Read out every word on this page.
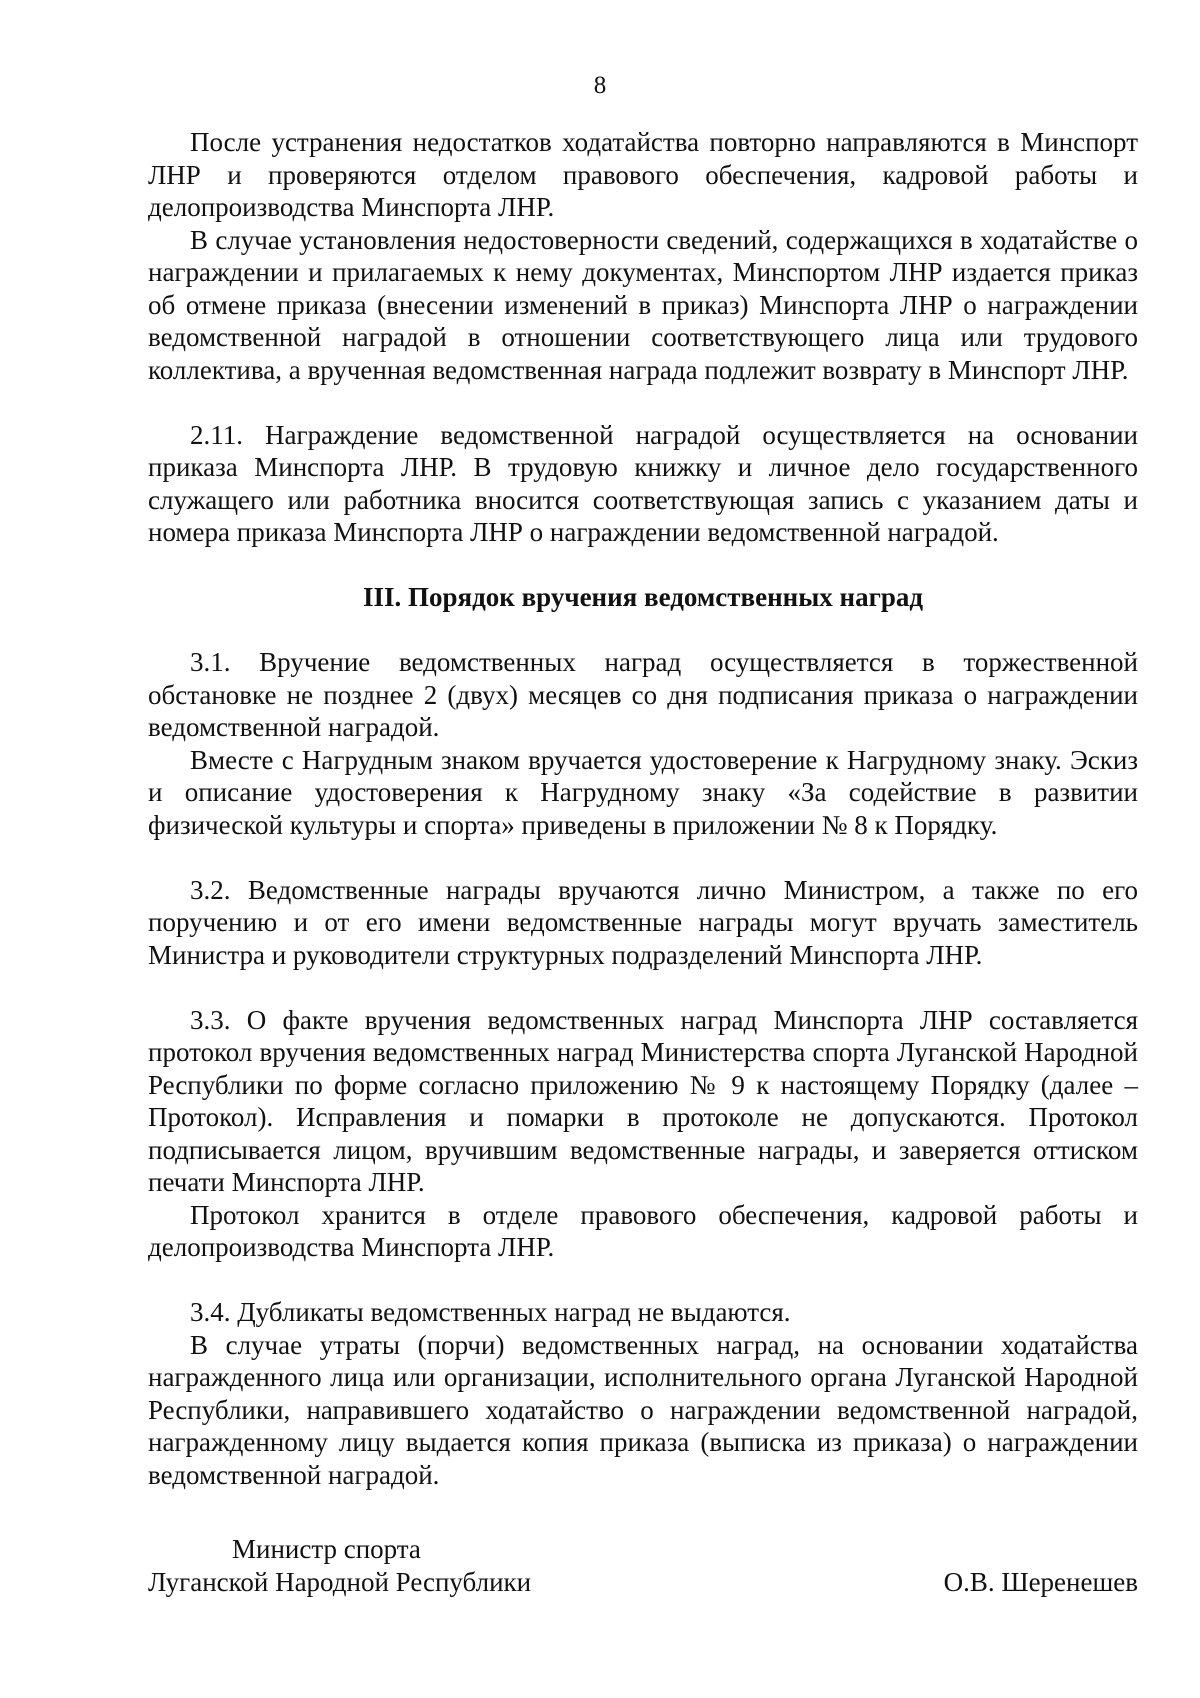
8

После устранения недостатков ходатайства повторно направляются в Минспорт ЛНР и проверяются отделом правового обеспечения, кадровой работы и делопроизводства Минспорта ЛНР.

В случае установления недостоверности сведений, содержащихся в ходатайстве о награждении и прилагаемых к нему документах, Минспортом ЛНР издается приказ об отмене приказа (внесении изменений в приказ) Минспорта ЛНР о награждении ведомственной наградой в отношении соответствующего лица или трудового коллектива, а врученная ведомственная награда подлежит возврату в Минспорт ЛНР.

2.11. Награждение ведомственной наградой осуществляется на основании приказа Минспорта ЛНР. В трудовую книжку и личное дело государственного служащего или работника вносится соответствующая запись с указанием даты и номера приказа Минспорта ЛНР о награждении ведомственной наградой.

III. Порядок вручения ведомственных наград

3.1. Вручение ведомственных наград осуществляется в торжественной обстановке не позднее 2 (двух) месяцев со дня подписания приказа о награждении ведомственной наградой.

Вместе с Нагрудным знаком вручается удостоверение к Нагрудному знаку. Эскиз и описание удостоверения к Нагрудному знаку «За содействие в развитии физической культуры и спорта» приведены в приложении № 8 к Порядку.

3.2. Ведомственные награды вручаются лично Министром, а также по его поручению и от его имени ведомственные награды могут вручать заместитель Министра и руководители структурных подразделений Минспорта ЛНР.

3.3. О факте вручения ведомственных наград Минспорта ЛНР составляется протокол вручения ведомственных наград Министерства спорта Луганской Народной Республики по форме согласно приложению № 9 к настоящему Порядку (далее – Протокол). Исправления и помарки в протоколе не допускаются. Протокол подписывается лицом, вручившим ведомственные награды, и заверяется оттиском печати Минспорта ЛНР.

Протокол хранится в отделе правового обеспечения, кадровой работы и делопроизводства Минспорта ЛНР.

3.4. Дубликаты ведомственных наград не выдаются.

В случае утраты (порчи) ведомственных наград, на основании ходатайства награжденного лица или организации, исполнительного органа Луганской Народной Республики, направившего ходатайство о награждении ведомственной наградой, награжденному лицу выдается копия приказа (выписка из приказа) о награждении ведомственной наградой.

Министр спорта
Луганской Народной Республики	О.В. Шеренешев
